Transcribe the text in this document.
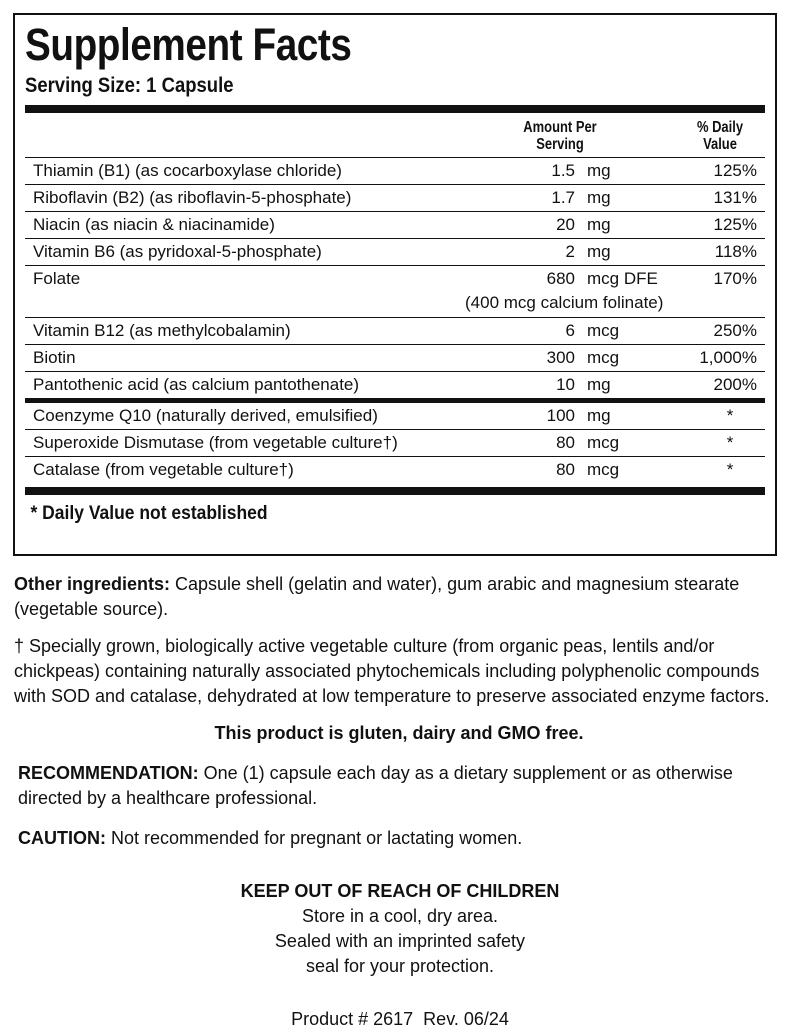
Supplement Facts
Serving Size: 1 Capsule
Amount Per
Serving
% Daily
Value
Thiamin (B1) (as cocarboxylase chloride)	1.5 mg	125%
Riboflavin (B2) (as riboflavin-5-phosphate)	1.7 mg	131%
Niacin (as niacin & niacinamide)	20 mg	125%
Vitamin B6 (as pyridoxal-5-phosphate)	2 mg	118%
Folate	680 mcg DFE	170%
(400 mcg calcium folinate)
Vitamin B12 (as methylcobalamin)	6 mcg	250%
Biotin	300 mcg	1,000%
Pantothenic acid (as calcium pantothenate)	10 mg	200%
Coenzyme Q10 (naturally derived, emulsified)	100 mg	*
Superoxide Dismutase (from vegetable culture†)	80 mcg	*
Catalase (from vegetable culture†)	80 mcg	*
* Daily Value not established
Other ingredients: Capsule shell (gelatin and water), gum arabic and magnesium stearate (vegetable source).
† Specially grown, biologically active vegetable culture (from organic peas, lentils and/or chickpeas) containing naturally associated phytochemicals including polyphenolic compounds with SOD and catalase, dehydrated at low temperature to preserve associated enzyme factors.
This product is gluten, dairy and GMO free.
RECOMMENDATION: One (1) capsule each day as a dietary supplement or as otherwise directed by a healthcare professional.
CAUTION: Not recommended for pregnant or lactating women.
KEEP OUT OF REACH OF CHILDREN
Store in a cool, dry area.
Sealed with an imprinted safety
seal for your protection.
Product # 2617  Rev. 06/24
